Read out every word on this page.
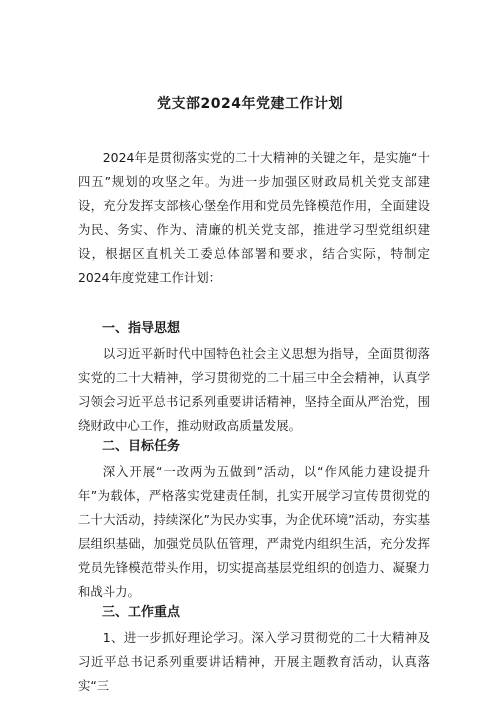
党支部2024年党建工作计划

2024年是贯彻落实党的二十大精神的关键之年，是实施“十四五”规划的攻坚之年。为进一步加强区财政局机关党支部建设，充分发挥支部核心堡垒作用和党员先锋模范作用，全面建设为民、务实、作为、清廉的机关党支部，推进学习型党组织建设，根据区直机关工委总体部署和要求，结合实际，特制定2024年度党建工作计划：

一、指导思想

以习近平新时代中国特色社会主义思想为指导，全面贯彻落实党的二十大精神，学习贯彻党的二十届三中全会精神，认真学习领会习近平总书记系列重要讲话精神，坚持全面从严治党，围绕财政中心工作，推动财政高质量发展。

二、目标任务

深入开展“一改两为五做到”活动，以“作风能力建设提升年”为载体，严格落实党建责任制，扎实开展学习宣传贯彻党的二十大活动，持续深化”为民办实事，为企优环境”活动，夯实基层组织基础，加强党员队伍管理，严肃党内组织生活，充分发挥党员先锋模范带头作用，切实提高基层党组织的创造力、凝聚力和战斗力。

三、工作重点

1、进一步抓好理论学习。深入学习贯彻党的二十大精神及习近平总书记系列重要讲话精神，开展主题教育活动，认真落实“三
